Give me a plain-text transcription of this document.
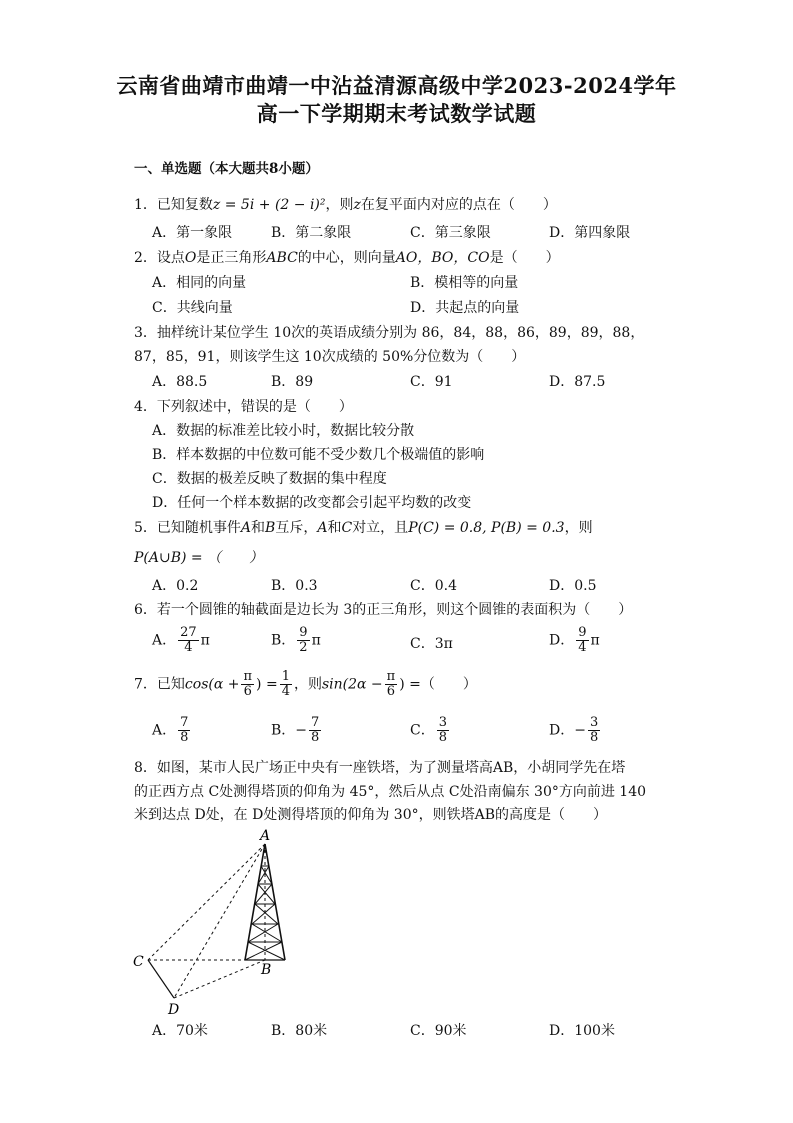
云南省曲靖市曲靖一中沾益清源高级中学2023-2024学年
高一下学期期末考试数学试题
一、单选题（本大题共8小题）
1．已知复数z = 5i + (2 − i)²，则z在复平面内对应的点在（　　）
A．第一象限	B．第二象限	C．第三象限	D．第四象限
2．设点O是正三角形ABC的中心，则向量AO，BO，CO是（　　）
A．相同的向量	B．模相等的向量
C．共线向量	D．共起点的向量
3．抽样统计某位学生 10次的英语成绩分别为 86，84，88，86，89，89，88，
87，85，91，则该学生这 10次成绩的 50%分位数为（　　）
A．88.5	B．89	C．91	D．87.5
4．下列叙述中，错误的是（　　）
A．数据的标准差比较小时，数据比较分散
B．样本数据的中位数可能不受少数几个极端值的影响
C．数据的极差反映了数据的集中程度
D．任何一个样本数据的改变都会引起平均数的改变
5．已知随机事件A和B互斥，A和C对立，且P(C) = 0.8, P(B) = 0.3，则
P(A∪B) = （　　）
A．0.2	B．0.3	C．0.4	D．0.5
6．若一个圆锥的轴截面是边长为 3的正三角形，则这个圆锥的表面积为（　　）
A． $\frac{27}{4}$ π	B． $\frac{9}{2}$ π	C．3π	D． $\frac{9}{4}$ π
7．已知$\cos(\alpha + \frac{\pi}{6}$ ) = $\frac{1}{4}$ ，则$\sin(2\alpha - \frac{\pi}{6}$ ) =（　　）
A． $\frac{7}{8}$	B．− $\frac{7}{8}$	C． $\frac{3}{8}$	D．− $\frac{3}{8}$
8．如图，某市人民广场正中央有一座铁塔，为了测量塔高AB，小胡同学先在塔
的正西方点 C处测得塔顶的仰角为 45°，然后从点 C处沿南偏东 30°方向前进 140
米到达点 D处，在 D处测得塔顶的仰角为 30°，则铁塔AB的高度是（　　）
A
B
C
D
A．70米	B．80米	C．90米	D．100米
